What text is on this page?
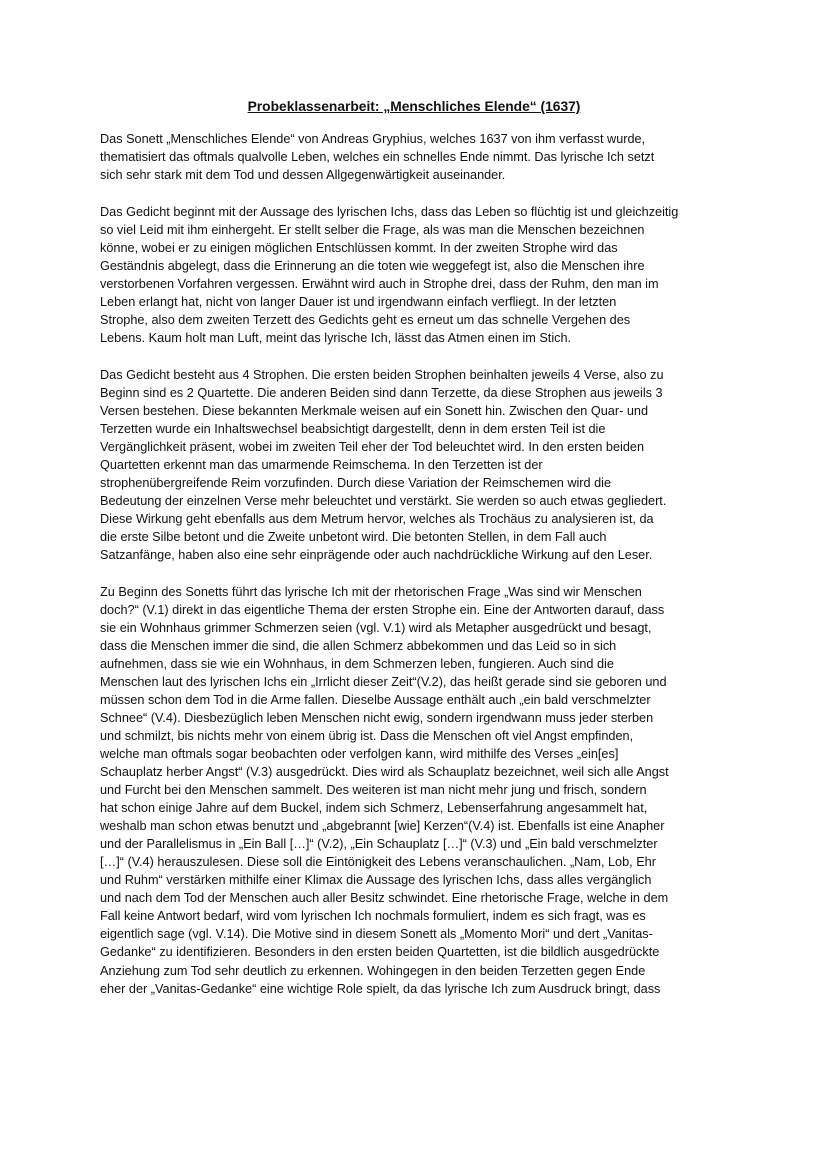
Probeklassenarbeit: „Menschliches Elende“ (1637)

Das Sonett „Menschliches Elende“ von Andreas Gryphius, welches 1637 von ihm verfasst wurde,
thematisiert das oftmals qualvolle Leben, welches ein schnelles Ende nimmt. Das lyrische Ich setzt
sich sehr stark mit dem Tod und dessen Allgegenwärtigkeit auseinander.

Das Gedicht beginnt mit der Aussage des lyrischen Ichs, dass das Leben so flüchtig ist und gleichzeitig
so viel Leid mit ihm einhergeht. Er stellt selber die Frage, als was man die Menschen bezeichnen
könne, wobei er zu einigen möglichen Entschlüssen kommt. In der zweiten Strophe wird das
Geständnis abgelegt, dass die Erinnerung an die toten wie weggefegt ist, also die Menschen ihre
verstorbenen Vorfahren vergessen. Erwähnt wird auch in Strophe drei, dass der Ruhm, den man im
Leben erlangt hat, nicht von langer Dauer ist und irgendwann einfach verfliegt. In der letzten
Strophe, also dem zweiten Terzett des Gedichts geht es erneut um das schnelle Vergehen des
Lebens. Kaum holt man Luft, meint das lyrische Ich, lässt das Atmen einen im Stich.

Das Gedicht besteht aus 4 Strophen. Die ersten beiden Strophen beinhalten jeweils 4 Verse, also zu
Beginn sind es 2 Quartette. Die anderen Beiden sind dann Terzette, da diese Strophen aus jeweils 3
Versen bestehen. Diese bekannten Merkmale weisen auf ein Sonett hin. Zwischen den Quar- und
Terzetten wurde ein Inhaltswechsel beabsichtigt dargestellt, denn in dem ersten Teil ist die
Vergänglichkeit präsent, wobei im zweiten Teil eher der Tod beleuchtet wird. In den ersten beiden
Quartetten erkennt man das umarmende Reimschema. In den Terzetten ist der
strophenübergreifende Reim vorzufinden. Durch diese Variation der Reimschemen wird die
Bedeutung der einzelnen Verse mehr beleuchtet und verstärkt. Sie werden so auch etwas gegliedert.
Diese Wirkung geht ebenfalls aus dem Metrum hervor, welches als Trochäus zu analysieren ist, da
die erste Silbe betont und die Zweite unbetont wird. Die betonten Stellen, in dem Fall auch
Satzanfänge, haben also eine sehr einprägende oder auch nachdrückliche Wirkung auf den Leser.

Zu Beginn des Sonetts führt das lyrische Ich mit der rhetorischen Frage „Was sind wir Menschen
doch?“ (V.1) direkt in das eigentliche Thema der ersten Strophe ein. Eine der Antworten darauf, dass
sie ein Wohnhaus grimmer Schmerzen seien (vgl. V.1) wird als Metapher ausgedrückt und besagt,
dass die Menschen immer die sind, die allen Schmerz abbekommen und das Leid so in sich
aufnehmen, dass sie wie ein Wohnhaus, in dem Schmerzen leben, fungieren. Auch sind die
Menschen laut des lyrischen Ichs ein „Irrlicht dieser Zeit“(V.2), das heißt gerade sind sie geboren und
müssen schon dem Tod in die Arme fallen. Dieselbe Aussage enthält auch „ein bald verschmelzter
Schnee“ (V.4). Diesbezüglich leben Menschen nicht ewig, sondern irgendwann muss jeder sterben
und schmilzt, bis nichts mehr von einem übrig ist. Dass die Menschen oft viel Angst empfinden,
welche man oftmals sogar beobachten oder verfolgen kann, wird mithilfe des Verses „ein[es]
Schauplatz herber Angst“ (V.3) ausgedrückt. Dies wird als Schauplatz bezeichnet, weil sich alle Angst
und Furcht bei den Menschen sammelt. Des weiteren ist man nicht mehr jung und frisch, sondern
hat schon einige Jahre auf dem Buckel, indem sich Schmerz, Lebenserfahrung angesammelt hat,
weshalb man schon etwas benutzt und „abgebrannt [wie] Kerzen“(V.4) ist. Ebenfalls ist eine Anapher
und der Parallelismus in „Ein Ball […]“ (V.2), „Ein Schauplatz […]“ (V.3) und „Ein bald verschmelzter
[…]“ (V.4) herauszulesen. Diese soll die Eintönigkeit des Lebens veranschaulichen. „Nam, Lob, Ehr
und Ruhm“ verstärken mithilfe einer Klimax die Aussage des lyrischen Ichs, dass alles vergänglich
und nach dem Tod der Menschen auch aller Besitz schwindet. Eine rhetorische Frage, welche in dem
Fall keine Antwort bedarf, wird vom lyrischen Ich nochmals formuliert, indem es sich fragt, was es
eigentlich sage (vgl. V.14). Die Motive sind in diesem Sonett als „Momento Mori“ und dert „Vanitas-
Gedanke“ zu identifizieren. Besonders in den ersten beiden Quartetten, ist die bildlich ausgedrückte
Anziehung zum Tod sehr deutlich zu erkennen. Wohingegen in den beiden Terzetten gegen Ende
eher der „Vanitas-Gedanke“ eine wichtige Role spielt, da das lyrische Ich zum Ausdruck bringt, dass
